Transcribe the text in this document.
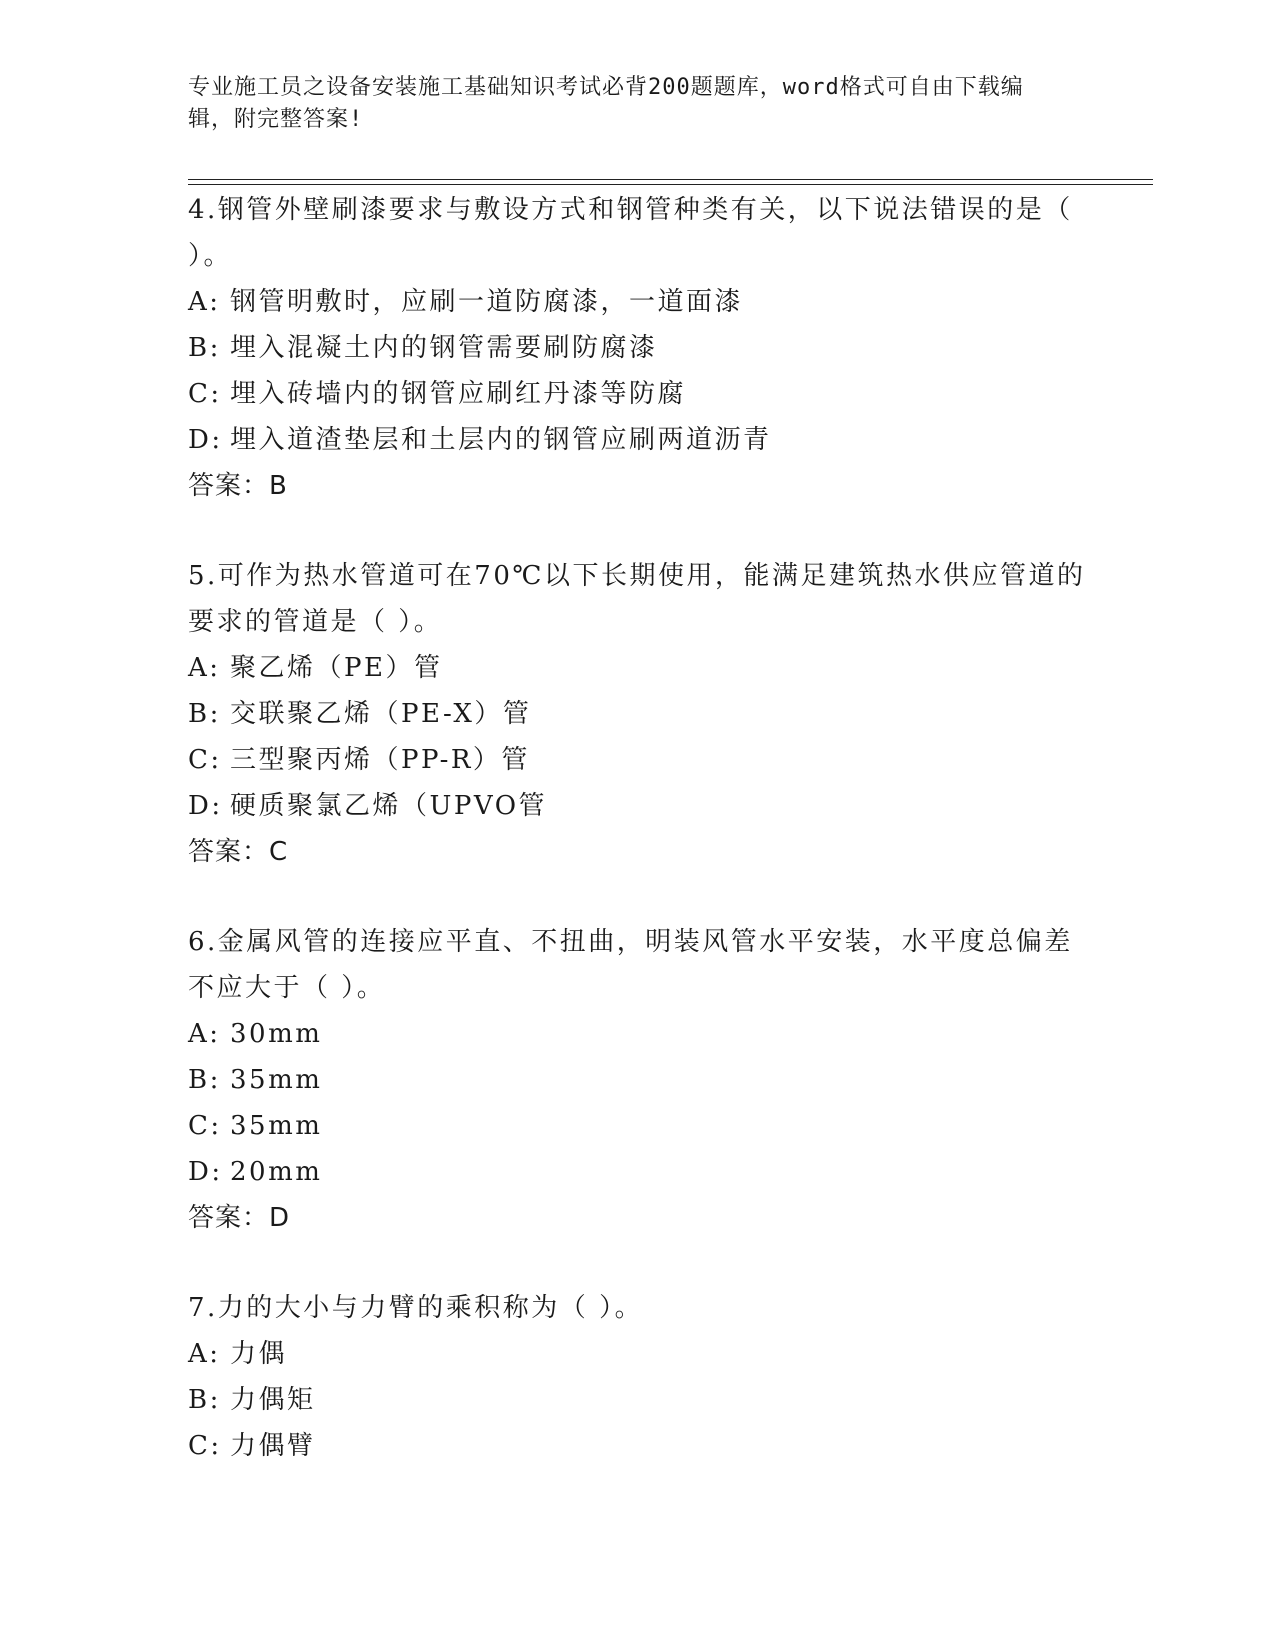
专业施工员之设备安装施工基础知识考试必背200题题库，word格式可自由下载编辑，附完整答案!
4.钢管外壁刷漆要求与敷设方式和钢管种类有关，以下说法错误的是（ ）。
A: 钢管明敷时，应刷一道防腐漆，一道面漆
B: 埋入混凝土内的钢管需要刷防腐漆
C: 埋入砖墙内的钢管应刷红丹漆等防腐
D: 埋入道渣垫层和土层内的钢管应刷两道沥青
答案：B
5.可作为热水管道可在70℃以下长期使用，能满足建筑热水供应管道的要求的管道是（ ）。
A: 聚乙烯（PE）管
B: 交联聚乙烯（PE-X）管
C: 三型聚丙烯（PP-R）管
D: 硬质聚氯乙烯（UPVO管
答案：C
6.金属风管的连接应平直、不扭曲，明装风管水平安装，水平度总偏差不应大于（ ）。
A: 30mm
B: 35mm
C: 35mm
D: 20mm
答案：D
7.力的大小与力臂的乘积称为（ ）。
A: 力偶
B: 力偶矩
C: 力偶臂
